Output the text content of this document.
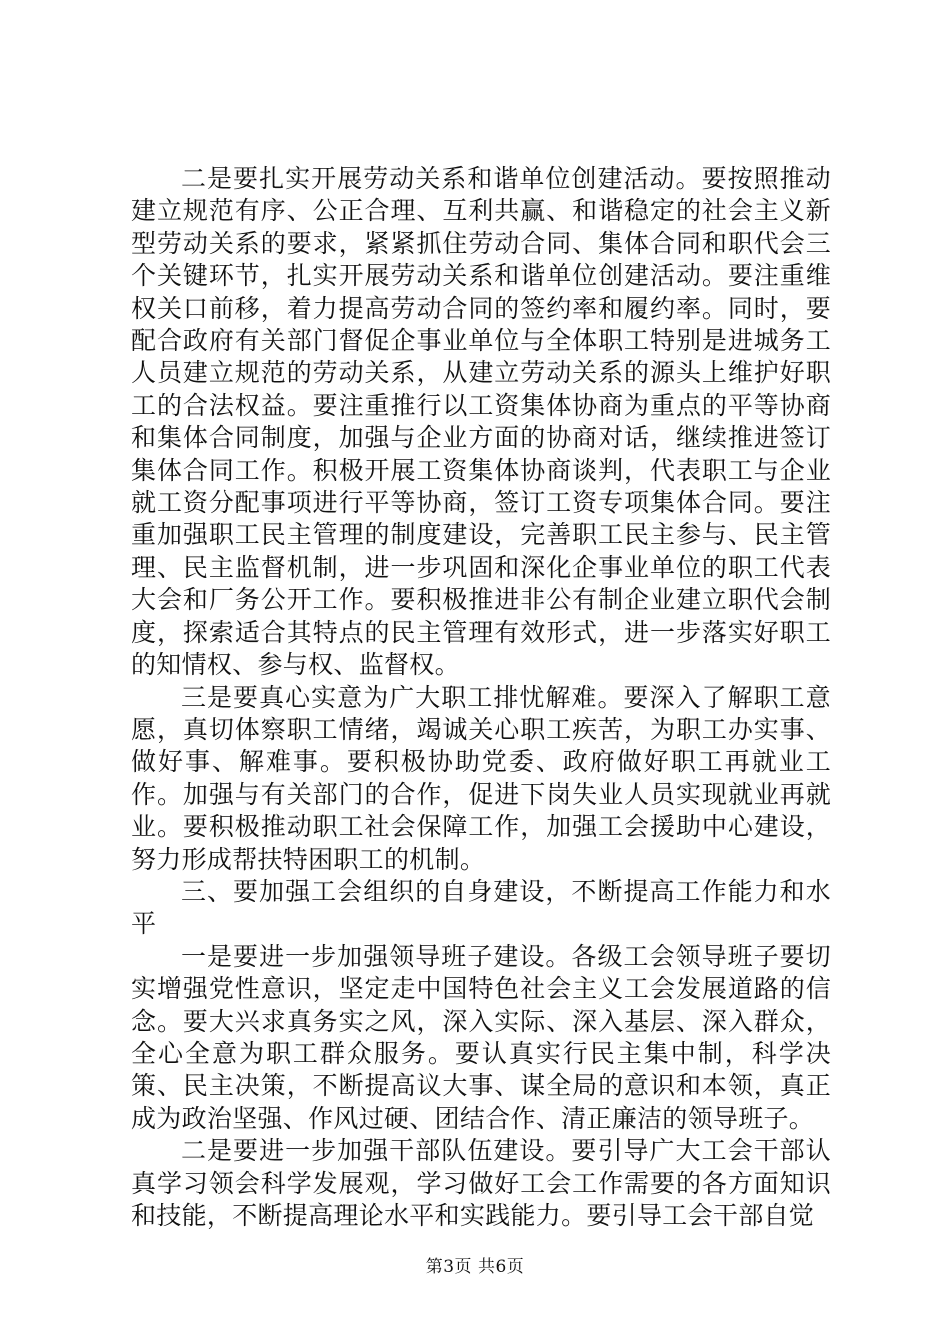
二是要扎实开展劳动关系和谐单位创建活动。要按照推动建立规范有序、公正合理、互利共赢、和谐稳定的社会主义新型劳动关系的要求，紧紧抓住劳动合同、集体合同和职代会三个关键环节，扎实开展劳动关系和谐单位创建活动。要注重维权关口前移，着力提高劳动合同的签约率和履约率。同时，要配合政府有关部门督促企事业单位与全体职工特别是进城务工人员建立规范的劳动关系，从建立劳动关系的源头上维护好职工的合法权益。要注重推行以工资集体协商为重点的平等协商和集体合同制度，加强与企业方面的协商对话，继续推进签订集体合同工作。积极开展工资集体协商谈判，代表职工与企业就工资分配事项进行平等协商，签订工资专项集体合同。要注重加强职工民主管理的制度建设，完善职工民主参与、民主管理、民主监督机制，进一步巩固和深化企事业单位的职工代表大会和厂务公开工作。要积极推进非公有制企业建立职代会制度，探索适合其特点的民主管理有效形式，进一步落实好职工的知情权、参与权、监督权。

三是要真心实意为广大职工排忧解难。要深入了解职工意愿，真切体察职工情绪，竭诚关心职工疾苦，为职工办实事、做好事、解难事。要积极协助党委、政府做好职工再就业工作。加强与有关部门的合作，促进下岗失业人员实现就业再就业。要积极推动职工社会保障工作，加强工会援助中心建设，努力形成帮扶特困职工的机制。

三、要加强工会组织的自身建设，不断提高工作能力和水平

一是要进一步加强领导班子建设。各级工会领导班子要切实增强党性意识，坚定走中国特色社会主义工会发展道路的信念。要大兴求真务实之风，深入实际、深入基层、深入群众，全心全意为职工群众服务。要认真实行民主集中制，科学决策、民主决策，不断提高议大事、谋全局的意识和本领，真正成为政治坚强、作风过硬、团结合作、清正廉洁的领导班子。

二是要进一步加强干部队伍建设。要引导广大工会干部认真学习领会科学发展观，学习做好工会工作需要的各方面知识和技能，不断提高理论水平和实践能力。要引导工会干部自觉

第3页 共6页
